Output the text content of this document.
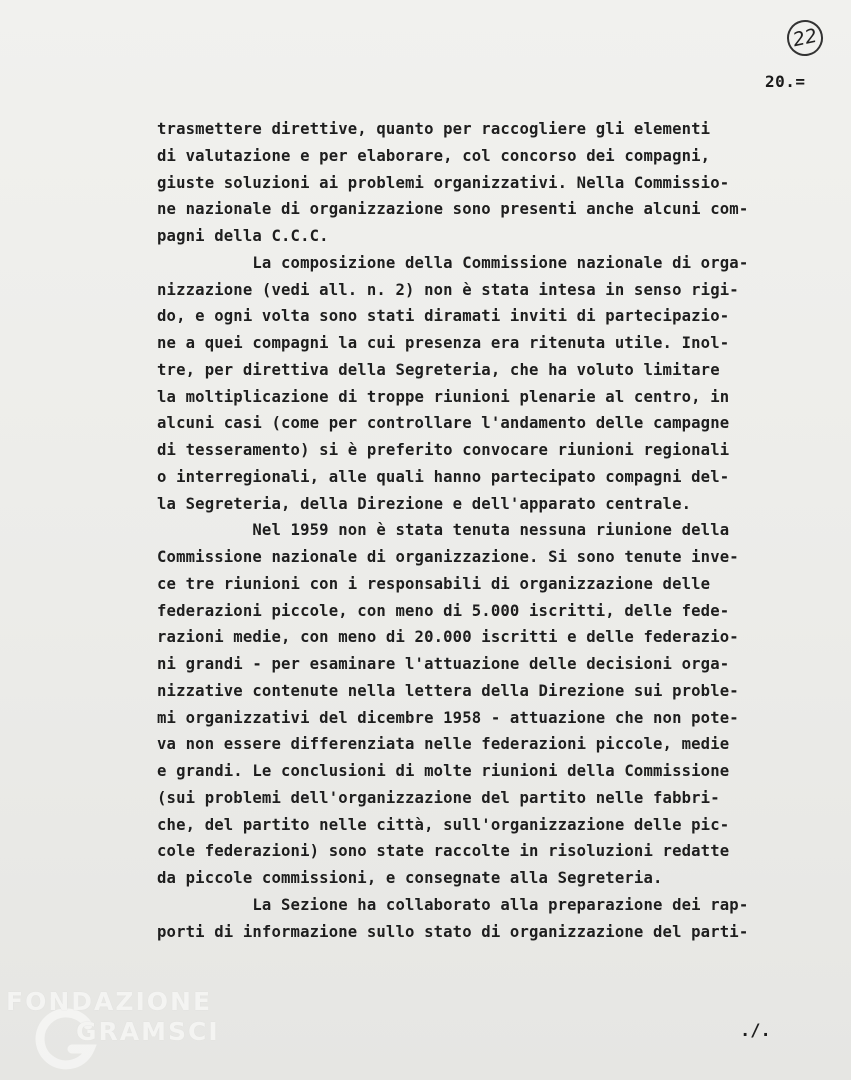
22
20.=
trasmettere direttive, quanto per raccogliere gli elementi
di valutazione e per elaborare, col concorso dei compagni,
giuste soluzioni ai problemi organizzativi. Nella Commissio-
ne nazionale di organizzazione sono presenti anche alcuni com-
pagni della C.C.C.
La composizione della Commissione nazionale di orga-
nizzazione (vedi all. n. 2) non è stata intesa in senso rigi-
do, e ogni volta sono stati diramati inviti di partecipazio-
ne a quei compagni la cui presenza era ritenuta utile. Inol-
tre, per direttiva della Segreteria, che ha voluto limitare
la moltiplicazione di troppe riunioni plenarie al centro, in
alcuni casi (come per controllare l'andamento delle campagne
di tesseramento) si è preferito convocare riunioni regionali
o interregionali, alle quali hanno partecipato compagni del-
la Segreteria, della Direzione e dell'apparato centrale.
Nel 1959 non è stata tenuta nessuna riunione della
Commissione nazionale di organizzazione. Si sono tenute inve-
ce tre riunioni con i responsabili di organizzazione delle
federazioni piccole, con meno di 5.000 iscritti, delle fede-
razioni medie, con meno di 20.000 iscritti e delle federazio-
ni grandi - per esaminare l'attuazione delle decisioni orga-
nizzative contenute nella lettera della Direzione sui proble-
mi organizzativi del dicembre 1958 - attuazione che non pote-
va non essere differenziata nelle federazioni piccole, medie
e grandi. Le conclusioni di molte riunioni della Commissione
(sui problemi dell'organizzazione del partito nelle fabbri-
che, del partito nelle città, sull'organizzazione delle pic-
cole federazioni) sono state raccolte in risoluzioni redatte
da piccole commissioni, e consegnate alla Segreteria.
La Sezione ha collaborato alla preparazione dei rap-
porti di informazione sullo stato di organizzazione del parti-
./.
FONDAZIONE
GRAMSCI
